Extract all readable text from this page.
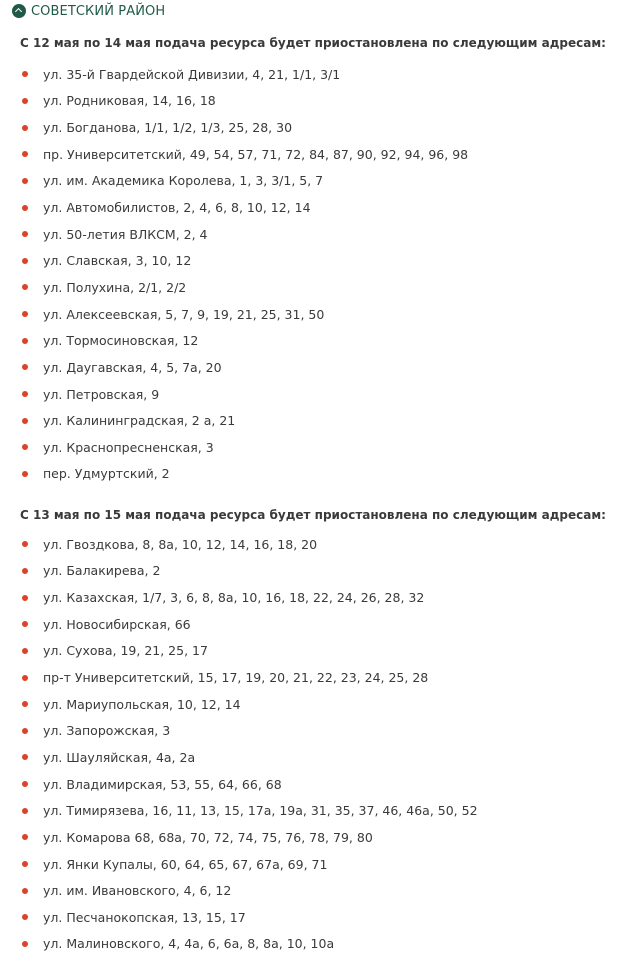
СОВЕТСКИЙ РАЙОН
С 12 мая по 14 мая подача ресурса будет приостановлена по следующим адресам:
ул. 35-й Гвардейской Дивизии, 4, 21, 1/1, 3/1
ул. Родниковая, 14, 16, 18
ул. Богданова, 1/1, 1/2, 1/3, 25, 28, 30
пр. Университетский, 49, 54, 57, 71, 72, 84, 87, 90, 92, 94, 96, 98
ул. им. Академика Королева, 1, 3, 3/1, 5, 7
ул. Автомобилистов, 2, 4, 6, 8, 10, 12, 14
ул. 50-летия ВЛКСМ, 2, 4
ул. Славская, 3, 10, 12
ул. Полухина, 2/1, 2/2
ул. Алексеевская, 5, 7, 9, 19, 21, 25, 31, 50
ул. Тормосиновская, 12
ул. Даугавская, 4, 5, 7а, 20
ул. Петровская, 9
ул. Калининградская, 2 а, 21
ул. Краснопресненская, 3
пер. Удмуртский, 2
С 13 мая по 15 мая подача ресурса будет приостановлена по следующим адресам:
ул. Гвоздкова, 8, 8а, 10, 12, 14, 16, 18, 20
ул. Балакирева, 2
ул. Казахская, 1/7, 3, 6, 8, 8а, 10, 16, 18, 22, 24, 26, 28, 32
ул. Новосибирская, 66
ул. Сухова, 19, 21, 25, 17
пр-т Университетский, 15, 17, 19, 20, 21, 22, 23, 24, 25, 28
ул. Мариупольская, 10, 12, 14
ул. Запорожская, 3
ул. Шауляйская, 4а, 2а
ул. Владимирская, 53, 55, 64, 66, 68
ул. Тимирязева, 16, 11, 13, 15, 17а, 19а, 31, 35, 37, 46, 46а, 50, 52
ул. Комарова 68, 68а, 70, 72, 74, 75, 76, 78, 79, 80
ул. Янки Купалы, 60, 64, 65, 67, 67а, 69, 71
ул. им. Ивановского, 4, 6, 12
ул. Песчанокопская, 13, 15, 17
ул. Малиновского, 4, 4а, 6, 6а, 8, 8а, 10, 10а
